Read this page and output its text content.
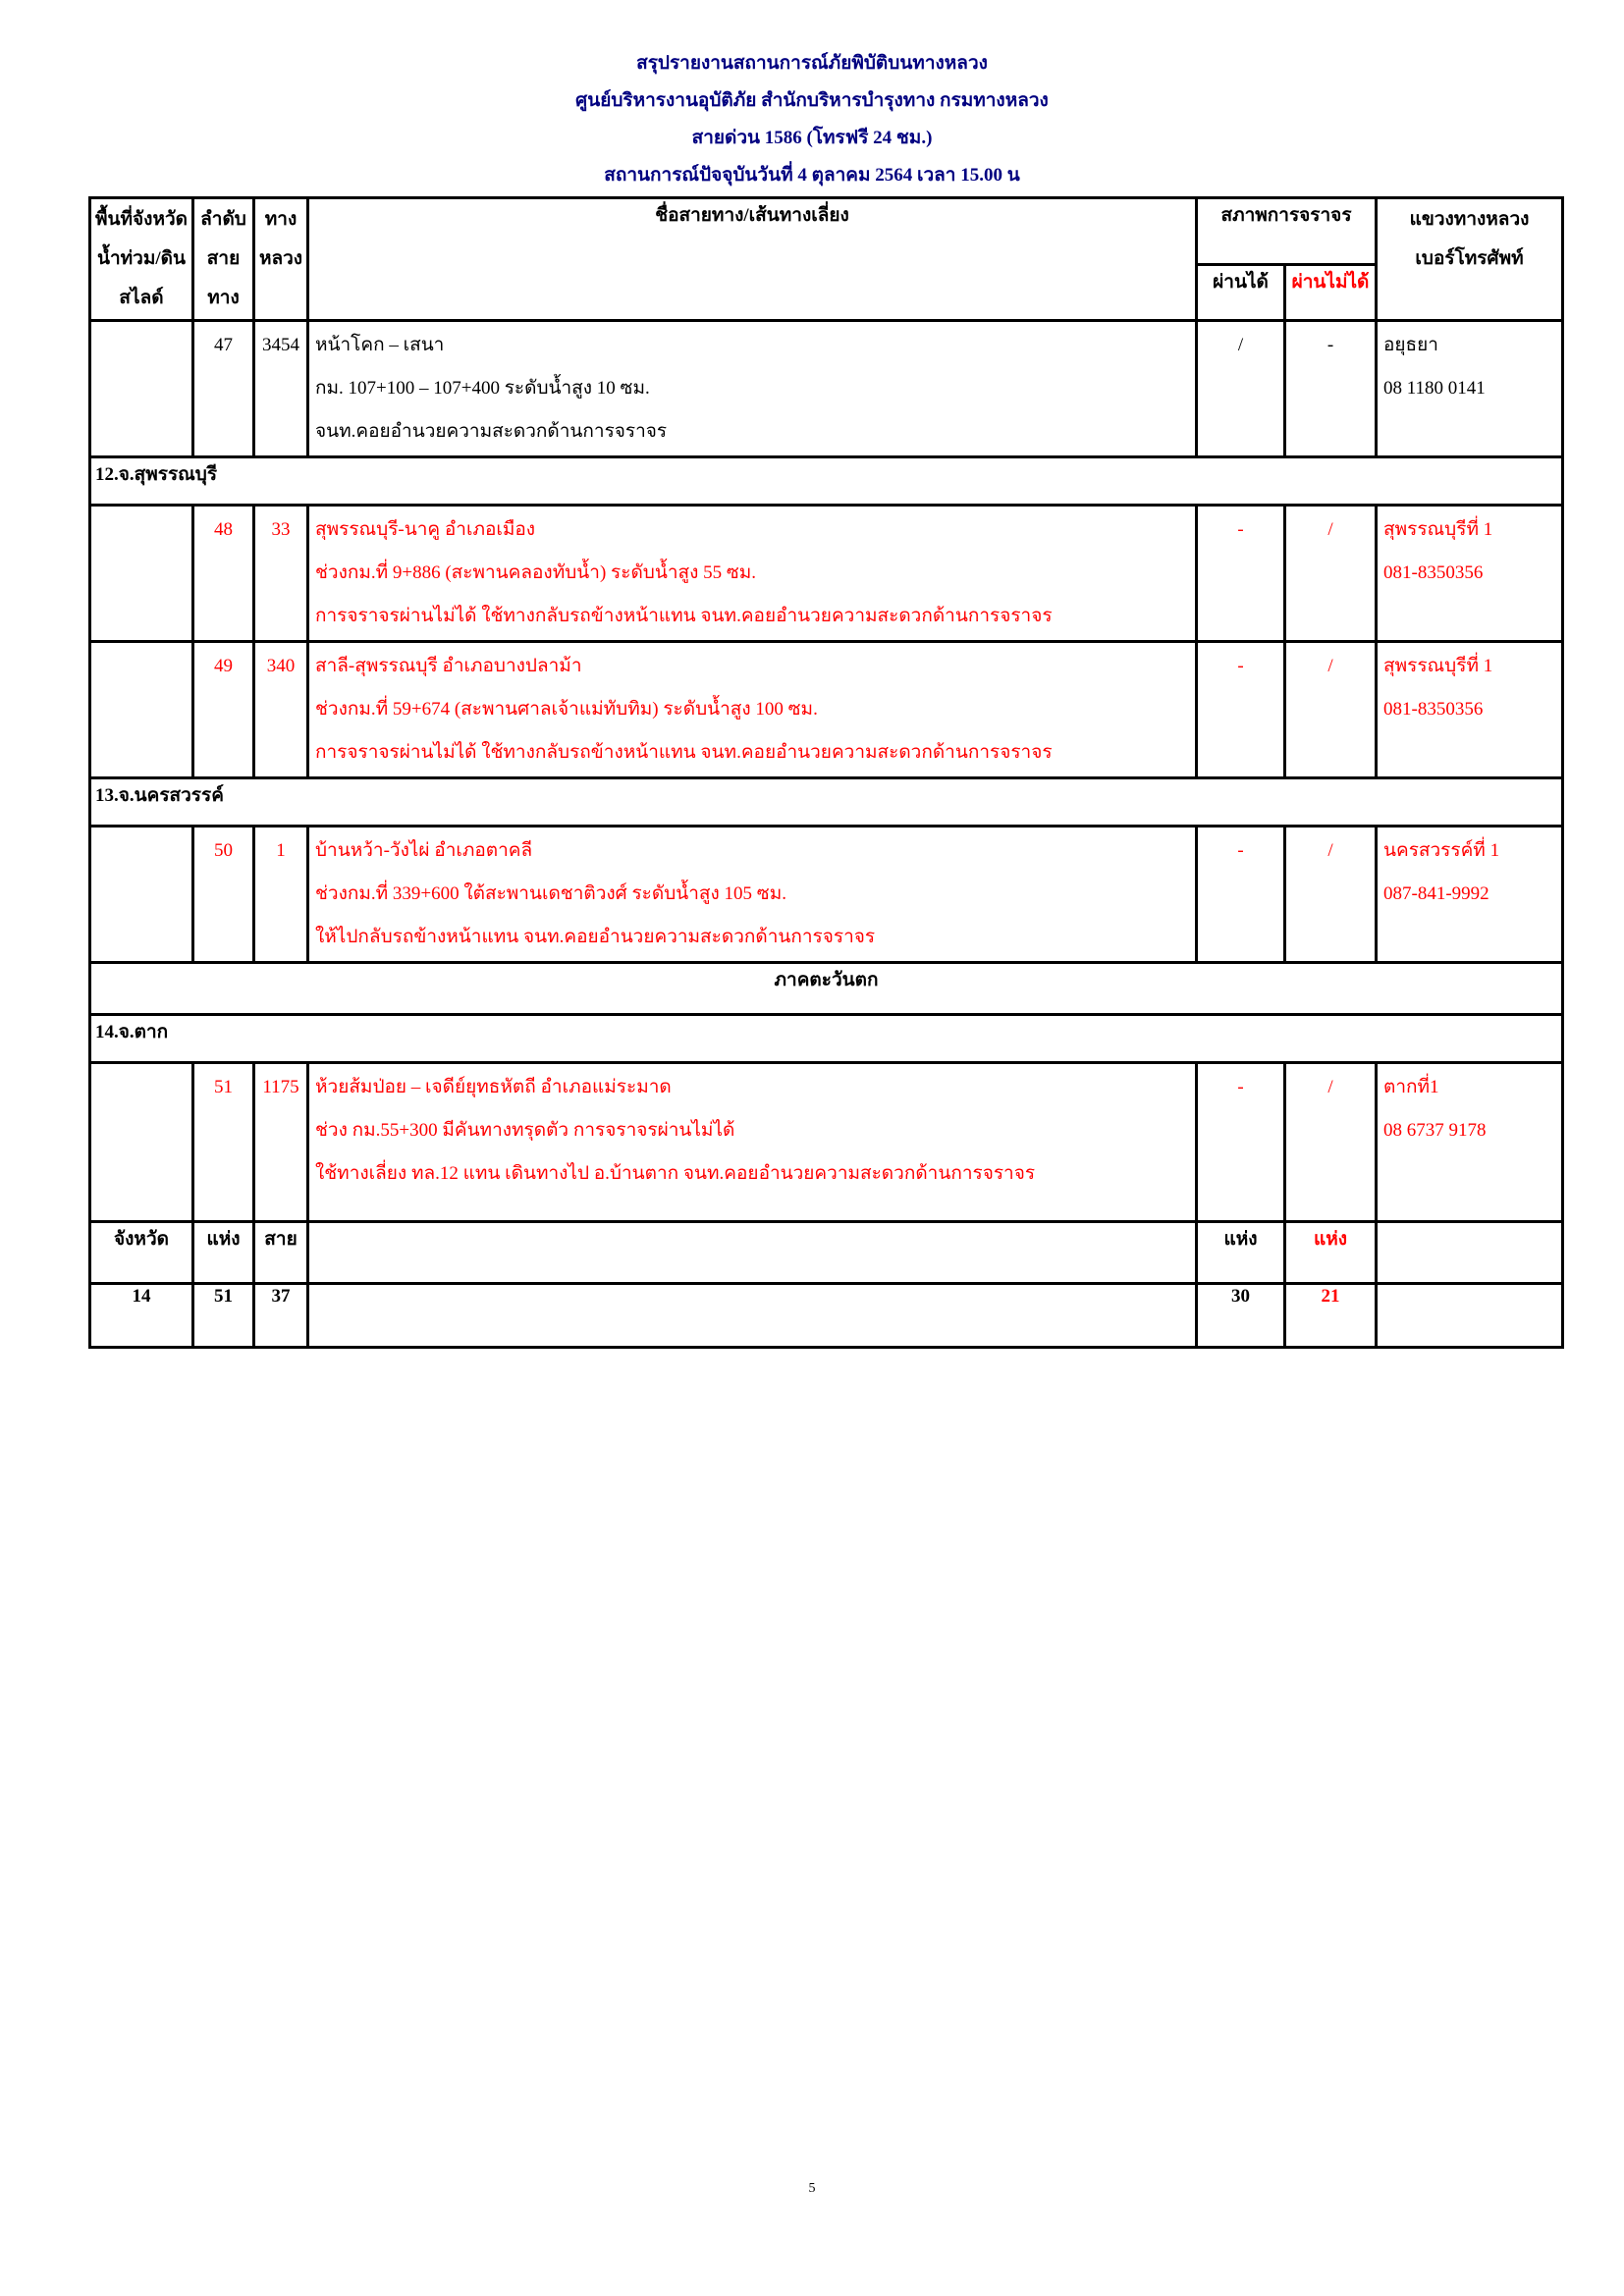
สรุปรายงานสถานการณ์ภัยพิบัติบนทางหลวง
ศูนย์บริหารงานอุบัติภัย สำนักบริหารบำรุงทาง กรมทางหลวง
สายด่วน 1586 (โทรฟรี 24 ชม.)
สถานการณ์ปัจจุบันวันที่ 4 ตุลาคม 2564 เวลา 15.00 น
พื้นที่จังหวัด
น้ำท่วม/ดินสไลด์

ลำดับ
สายทาง

ทาง
หลวง
	ชื่อสายทาง/เส้นทางเลี่ยง	สภาพการจราจร	แขวงทางหลวง
เบอร์โทรศัพท์

				ผ่านได้	ผ่านไม่ได้	
	47	3454	หน้าโคก – เสนา
กม. 107+100 – 107+400 ระดับน้ำสูง 10 ซม.
จนท.คอยอำนวยความสะดวกด้านการจราจร
	/	-	อยุธยา
08 1180 0141

12.จ.สุพรรณบุรี						
	48	33	สุพรรณบุรี-นาคู อำเภอเมือง
ช่วงกม.ที่ 9+886 (สะพานคลองทับน้ำ) ระดับน้ำสูง 55 ซม.
การจราจรผ่านไม่ได้ ใช้ทางกลับรถข้างหน้าแทน จนท.คอยอำนวยความสะดวกด้านการจราจร
	-	/	สุพรรณบุรีที่ 1
081-8350356

	49	340	สาลี-สุพรรณบุรี อำเภอบางปลาม้า
ช่วงกม.ที่ 59+674 (สะพานศาลเจ้าแม่ทับทิม) ระดับน้ำสูง 100 ซม.
การจราจรผ่านไม่ได้ ใช้ทางกลับรถข้างหน้าแทน จนท.คอยอำนวยความสะดวกด้านการจราจร
	-	/	สุพรรณบุรีที่ 1
081-8350356

13.จ.นครสวรรค์						
	50	1	บ้านหว้า-วังไผ่ อำเภอตาคลี
ช่วงกม.ที่ 339+600 ใต้สะพานเดชาติวงศ์ ระดับน้ำสูง 105 ซม.
ให้ไปกลับรถข้างหน้าแทน จนท.คอยอำนวยความสะดวกด้านการจราจร
	-	/	นครสวรรค์ที่ 1
087-841-9992

ภาคตะวันตก						
14.จ.ตาก						
	51	1175	ห้วยส้มป่อย – เจดีย์ยุทธหัตถี อำเภอแม่ระมาด
ช่วง กม.55+300 มีคันทางทรุดตัว การจราจรผ่านไม่ได้
ใช้ทางเลี่ยง ทล.12 แทน เดินทางไป อ.บ้านตาก จนท.คอยอำนวยความสะดวกด้านการจราจร
	-	/	ตากที่1
08 6737 9178

จังหวัด	แห่ง	สาย		แห่ง	แห่ง	
14	51	37		30	21	
5
